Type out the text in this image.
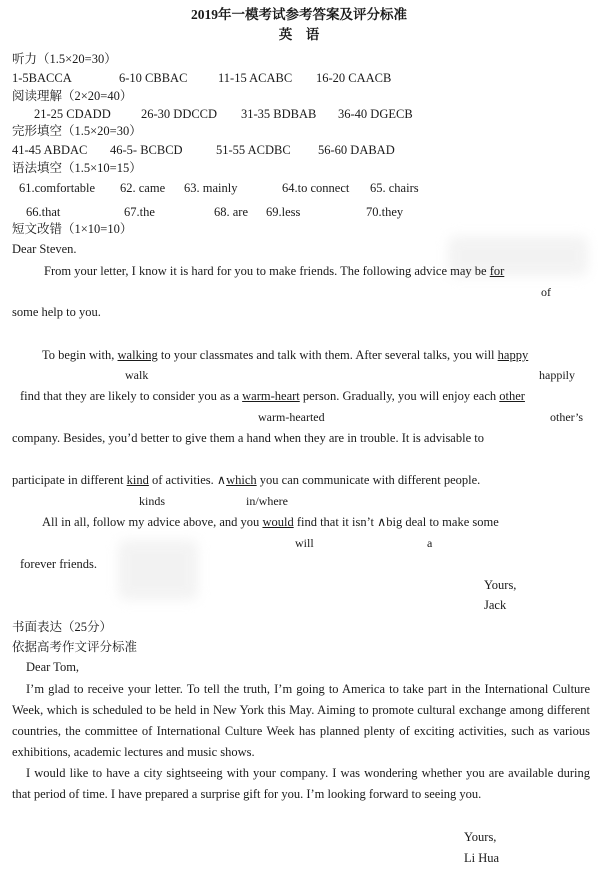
2019年一模考试参考答案及评分标准
英　语
听力（1.5×20=30）
1-5BACCA	6-10 CBBAC 11-15 ACABC 16-20 CAACB
阅读理解（2×20=40）
21-25 CDADD 26-30 DDCCD 31-35 BDBAB 36-40 DGECB
完形填空（1.5×20=30）
41-45 ABDAC 46-5- BCBCD	51-55 ACDBC 56-60 DABAD
语法填空（1.5×10=15）
61.comfortable 62. came 63. mainly	64.to connect 65. chairs
66.that	67.the	68. are 69.less	70.they
短文改错（1×10=10）
Dear Steven.
From your letter, I know it is hard for you to make friends. The following advice may be for
of
some help to you.
To begin with, walking to your classmates and talk with them. After several talks, you will happy
walk	happily
find that they are likely to consider you as a warm-heart person. Gradually, you will enjoy each other
warm-hearted	other’s
company. Besides, you’d better to give them a hand when they are in trouble. It is advisable to
participate in different kind of activities. ∧which you can communicate with different people.
kinds	in/where
All in all, follow my advice above, and you would find that it isn’t ∧big deal to make some
will	a
forever friends.
Yours,
Jack
书面表达（25分）
依据高考作文评分标准
Dear Tom,
I’m glad to receive your letter. To tell the truth, I’m going to America to take part in the International Culture Week, which is scheduled to be held in New York this May. Aiming to promote cultural exchange among different countries, the committee of International Culture Week has planned plenty of exciting activities, such as various exhibitions, academic lectures and music shows.
I would like to have a city sightseeing with your company. I was wondering whether you are available during that period of time. I have prepared a surprise gift for you. I’m looking forward to seeing you.
Yours,
Li Hua
